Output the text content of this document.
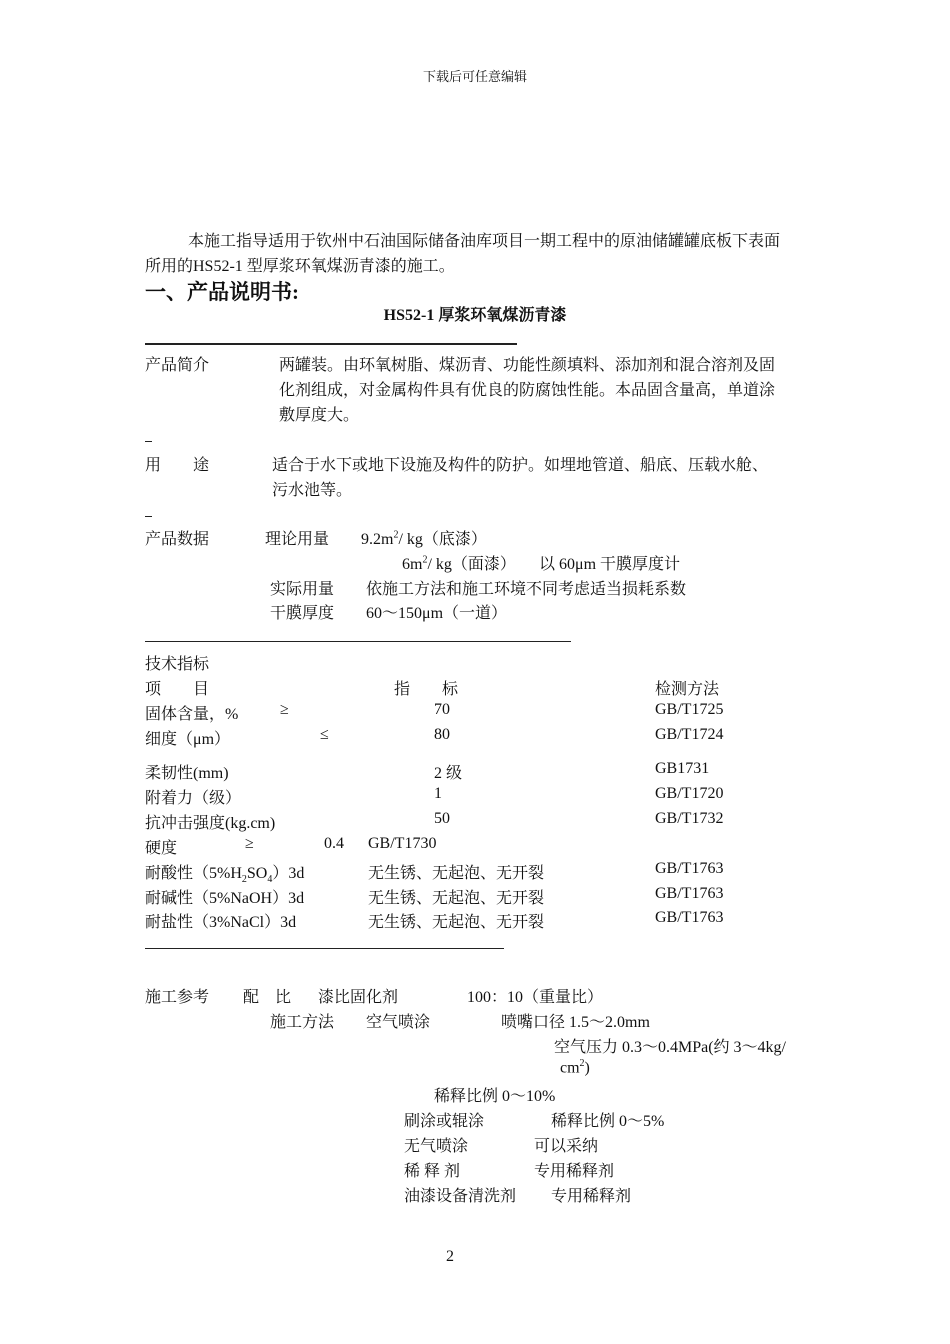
下载后可任意编辑
本施工指导适用于钦州中石油国际储备油库项目一期工程中的原油储罐罐底板下表面
所用的HS52-1 型厚浆环氧煤沥青漆的施工。
一、产品说明书:
HS52-1 厚浆环氧煤沥青漆
产品简介	两罐装。由环氧树脂、煤沥青、功能性颜填料、添加剂和混合溶剂及固
化剂组成，对金属构件具有优良的防腐蚀性能。本品固含量高，单道涂
敷厚度大。
用　　途	适合于水下或地下设施及构件的防护。如埋地管道、船底、压载水舱、
污水池等。
产品数据	理论用量 $9.2m^2/$ kg（底漆）
$6m^2/$ kg（面漆） 以 60μm 干膜厚度计
实际用量 依施工方法和施工环境不同考虑适当损耗系数
干膜厚度 60～150μm（一道）
技术指标
项　　目	指　　标	检测方法
固体含量，%	≥	70	GB/T1725
细度（μm）	≤	80	GB/T1724
柔韧性(mm)	2 级	GB1731
附着力（级）	1	GB/T1720
抗冲击强度(kg.cm)	50	GB/T1732
硬度	≥	0.4 GB/T1730
耐酸性$(5\%H_2SO_4)3d$	无生锈、无起泡、无开裂	GB/T1763
耐碱性（5%NaOH）3d	无生锈、无起泡、无开裂	GB/T1763
耐盐性（3%NaCl）3d	无生锈、无起泡、无开裂	GB/T1763
施工参考 配　比 漆比固化剂	100：10（重量比）
施工方法 空气喷涂	喷嘴口径 1.5～2.0mm
空气压力 0.3～0.4MPa(约 3～4kg/
$cm^2$)
稀释比例 0～10%
刷涂或辊涂	稀释比例 0～5%
无气喷涂	可以采纳
稀 释 剂	专用稀释剂
油漆设备清洗剂 专用稀释剂
2
